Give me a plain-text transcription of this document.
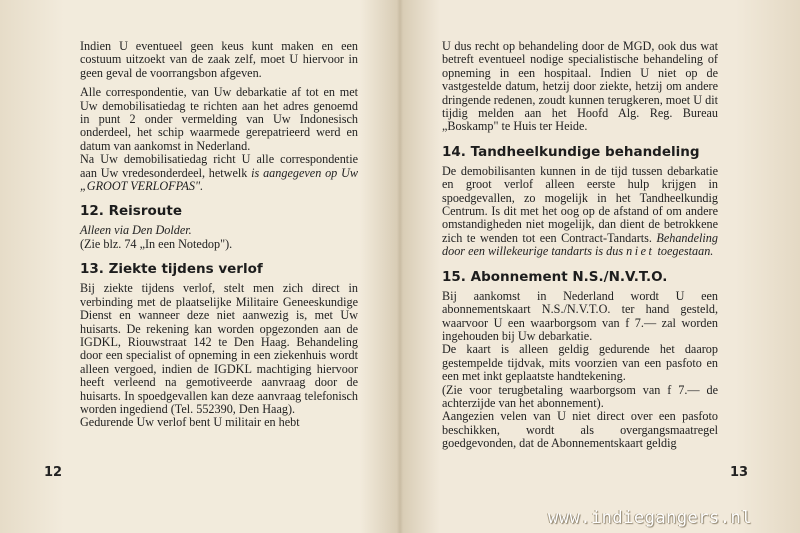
Indien U eventueel geen keus kunt maken en een costuum uitzoekt van de zaak zelf, moet U hiervoor in geen geval de voorrangsbon afgeven.

Alle correspondentie, van Uw debarkatie af tot en met Uw demobilisatiedag te richten aan het adres genoemd in punt 2 onder vermelding van Uw Indonesisch onderdeel, het schip waarmede gerepatrieerd werd en datum van aankomst in Nederland.

Na Uw demobilisatiedag richt U alle correspondentie aan Uw vredesonderdeel, hetwelk is aangegeven op Uw „GROOT VERLOFPAS".

12. Reisroute

Alleen via Den Dolder.

(Zie blz. 74 „In een Notedop").

13. Ziekte tijdens verlof

Bij ziekte tijdens verlof, stelt men zich direct in verbinding met de plaatselijke Militaire Geneeskundige Dienst en wanneer deze niet aanwezig is, met Uw huisarts. De rekening kan worden opgezonden aan de IGDKL, Riouwstraat 142 te Den Haag. Behandeling door een specialist of opneming in een ziekenhuis wordt alleen vergoed, indien de IGDKL machtiging hiervoor heeft verleend na gemotiveerde aanvraag door de huisarts. In spoedgevallen kan deze aanvraag telefonisch worden ingediend (Tel. 552390, Den Haag).

Gedurende Uw verlof bent U militair en hebt

12

U dus recht op behandeling door de MGD, ook dus wat betreft eventueel nodige specialistische behandeling of opneming in een hospitaal. Indien U niet op de vastgestelde datum, hetzij door ziekte, hetzij om andere dringende redenen, zoudt kunnen terugkeren, moet U dit tijdig melden aan het Hoofd Alg. Reg. Bureau „Boskamp" te Huis ter Heide.

14. Tandheelkundige behandeling

De demobilisanten kunnen in de tijd tussen debarkatie en groot verlof alleen eerste hulp krijgen in spoedgevallen, zo mogelijk in het Tandheelkundig Centrum. Is dit met het oog op de afstand of om andere omstandigheden niet mogelijk, dan dient de betrokkene zich te wenden tot een Contract-Tandarts. Behandeling door een willekeurige tandarts is dus niet toegestaan.

15. Abonnement N.S./N.V.T.O.

Bij aankomst in Nederland wordt U een abonnementskaart N.S./N.V.T.O. ter hand gesteld, waarvoor U een waarborgsom van f 7.— zal worden ingehouden bij Uw debarkatie.

De kaart is alleen geldig gedurende het daarop gestempelde tijdvak, mits voorzien van een pasfoto en een met inkt geplaatste handtekening.

(Zie voor terugbetaling waarborgsom van f 7.— de achterzijde van het abonnement).

Aangezien velen van U niet direct over een pasfoto beschikken, wordt als overgangsmaatregel goedgevonden, dat de Abonnementskaart geldig

13
www.indiegangers.nl
